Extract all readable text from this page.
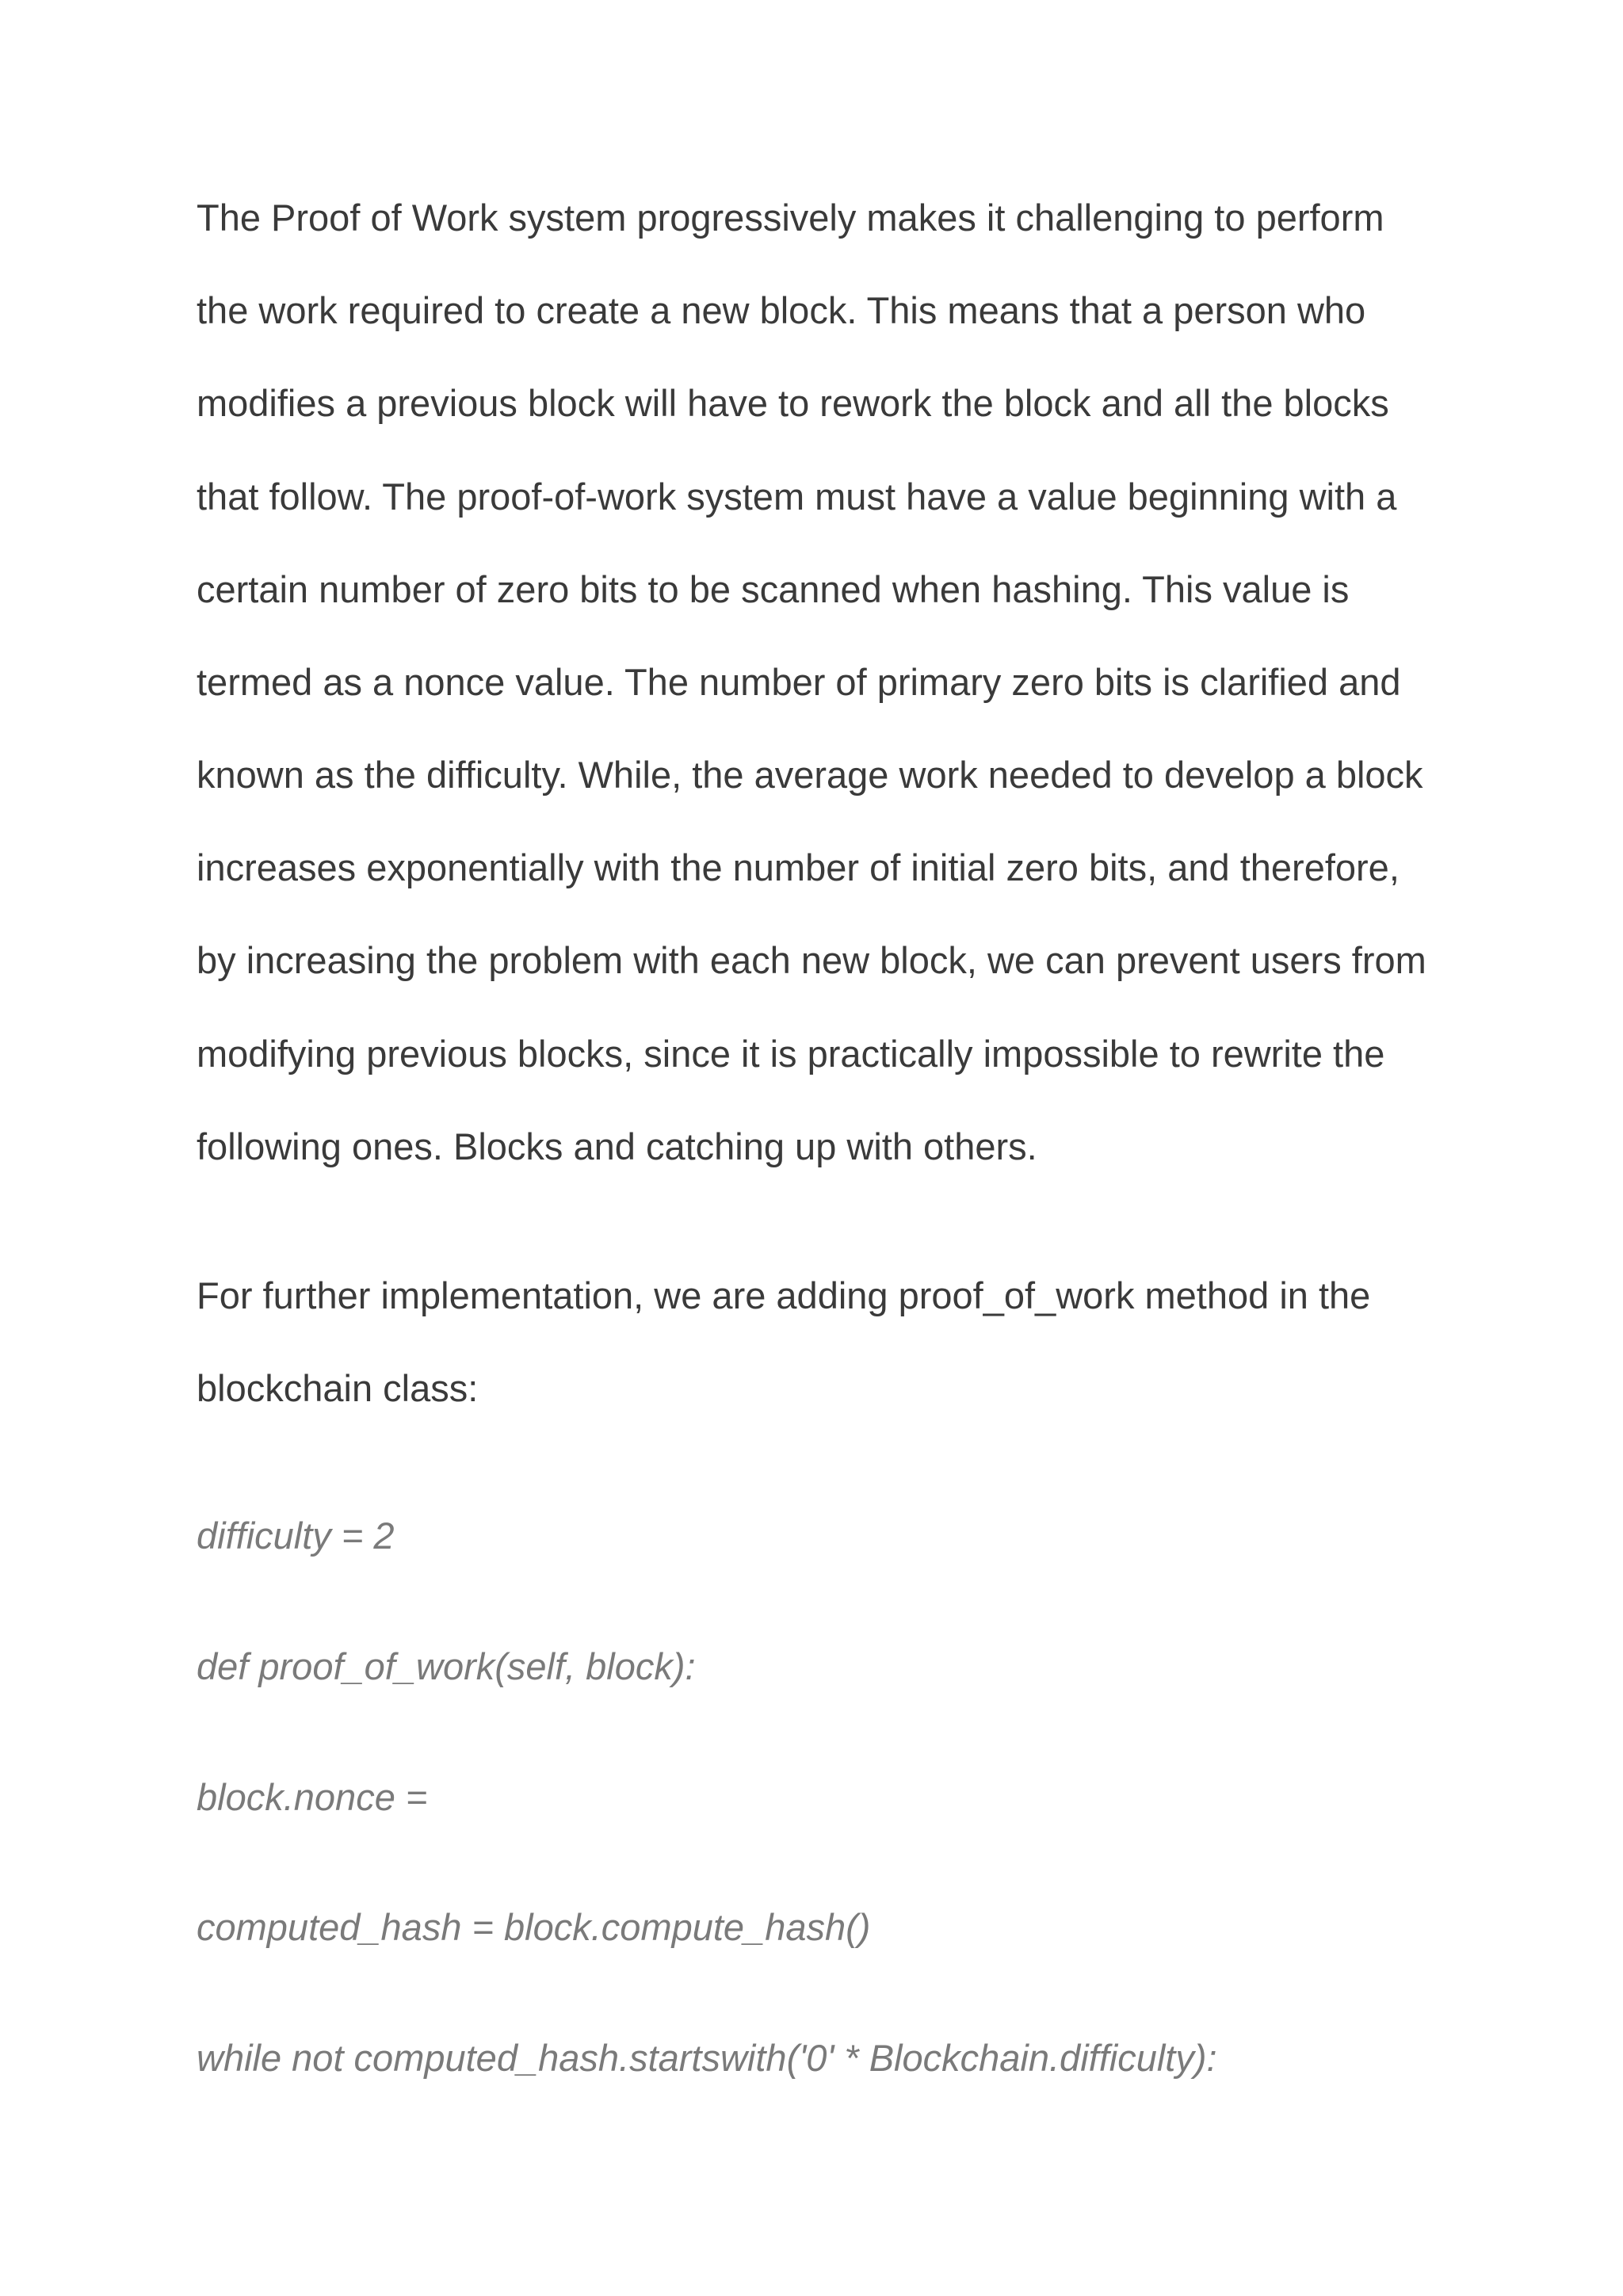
The Proof of Work system progressively makes it challenging to perform
the work required to create a new block. This means that a person who
modifies a previous block will have to rework the block and all the blocks
that follow. The proof-of-work system must have a value beginning with a
certain number of zero bits to be scanned when hashing. This value is
termed as a nonce value. The number of primary zero bits is clarified and
known as the difficulty. While, the average work needed to develop a block
increases exponentially with the number of initial zero bits, and therefore,
by increasing the problem with each new block, we can prevent users from
modifying previous blocks, since it is practically impossible to rewrite the
following ones. Blocks and catching up with others.
For further implementation, we are adding proof_of_work method in the
blockchain class:
difficulty = 2
def proof_of_work(self, block):
block.nonce =
computed_hash = block.compute_hash()
while not computed_hash.startswith('0' * Blockchain.difficulty):
